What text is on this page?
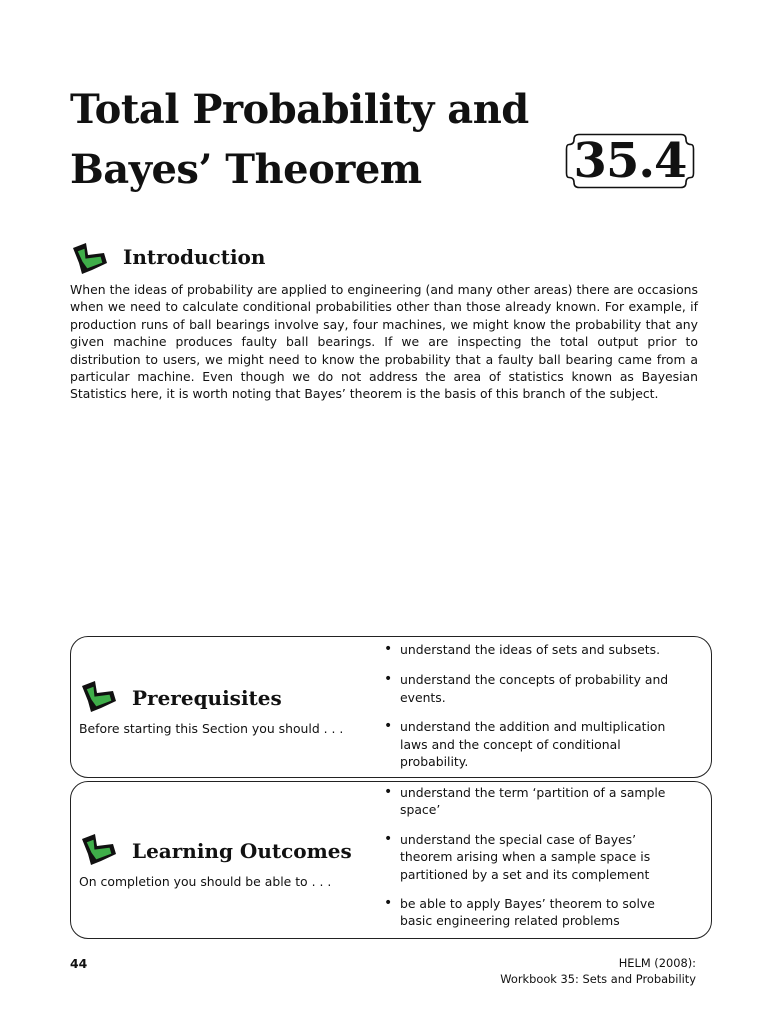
Total Probability and
Bayes’ Theorem	35.4
Introduction

When the ideas of probability are applied to engineering (and many other areas) there are occasions when we need to calculate conditional probabilities other than those already known. For example, if production runs of ball bearings involve say, four machines, we might know the probability that any given machine produces faulty ball bearings. If we are inspecting the total output prior to distribution to users, we might need to know the probability that a faulty ball bearing came from a particular machine. Even though we do not address the area of statistics known as Bayesian Statistics here, it is worth noting that Bayes’ theorem is the basis of this branch of the subject.

Prerequisites
Before starting this Section you should . . .
• understand the ideas of sets and subsets.
• understand the concepts of probability and events.
• understand the addition and multiplication laws and the concept of conditional probability.
Learning Outcomes
On completion you should be able to . . .
• understand the term ‘partition of a sample space’
• understand the special case of Bayes’ theorem arising when a sample space is partitioned by a set and its complement
• be able to apply Bayes’ theorem to solve basic engineering related problems
44	HELM (2008):
Workbook 35: Sets and Probability
